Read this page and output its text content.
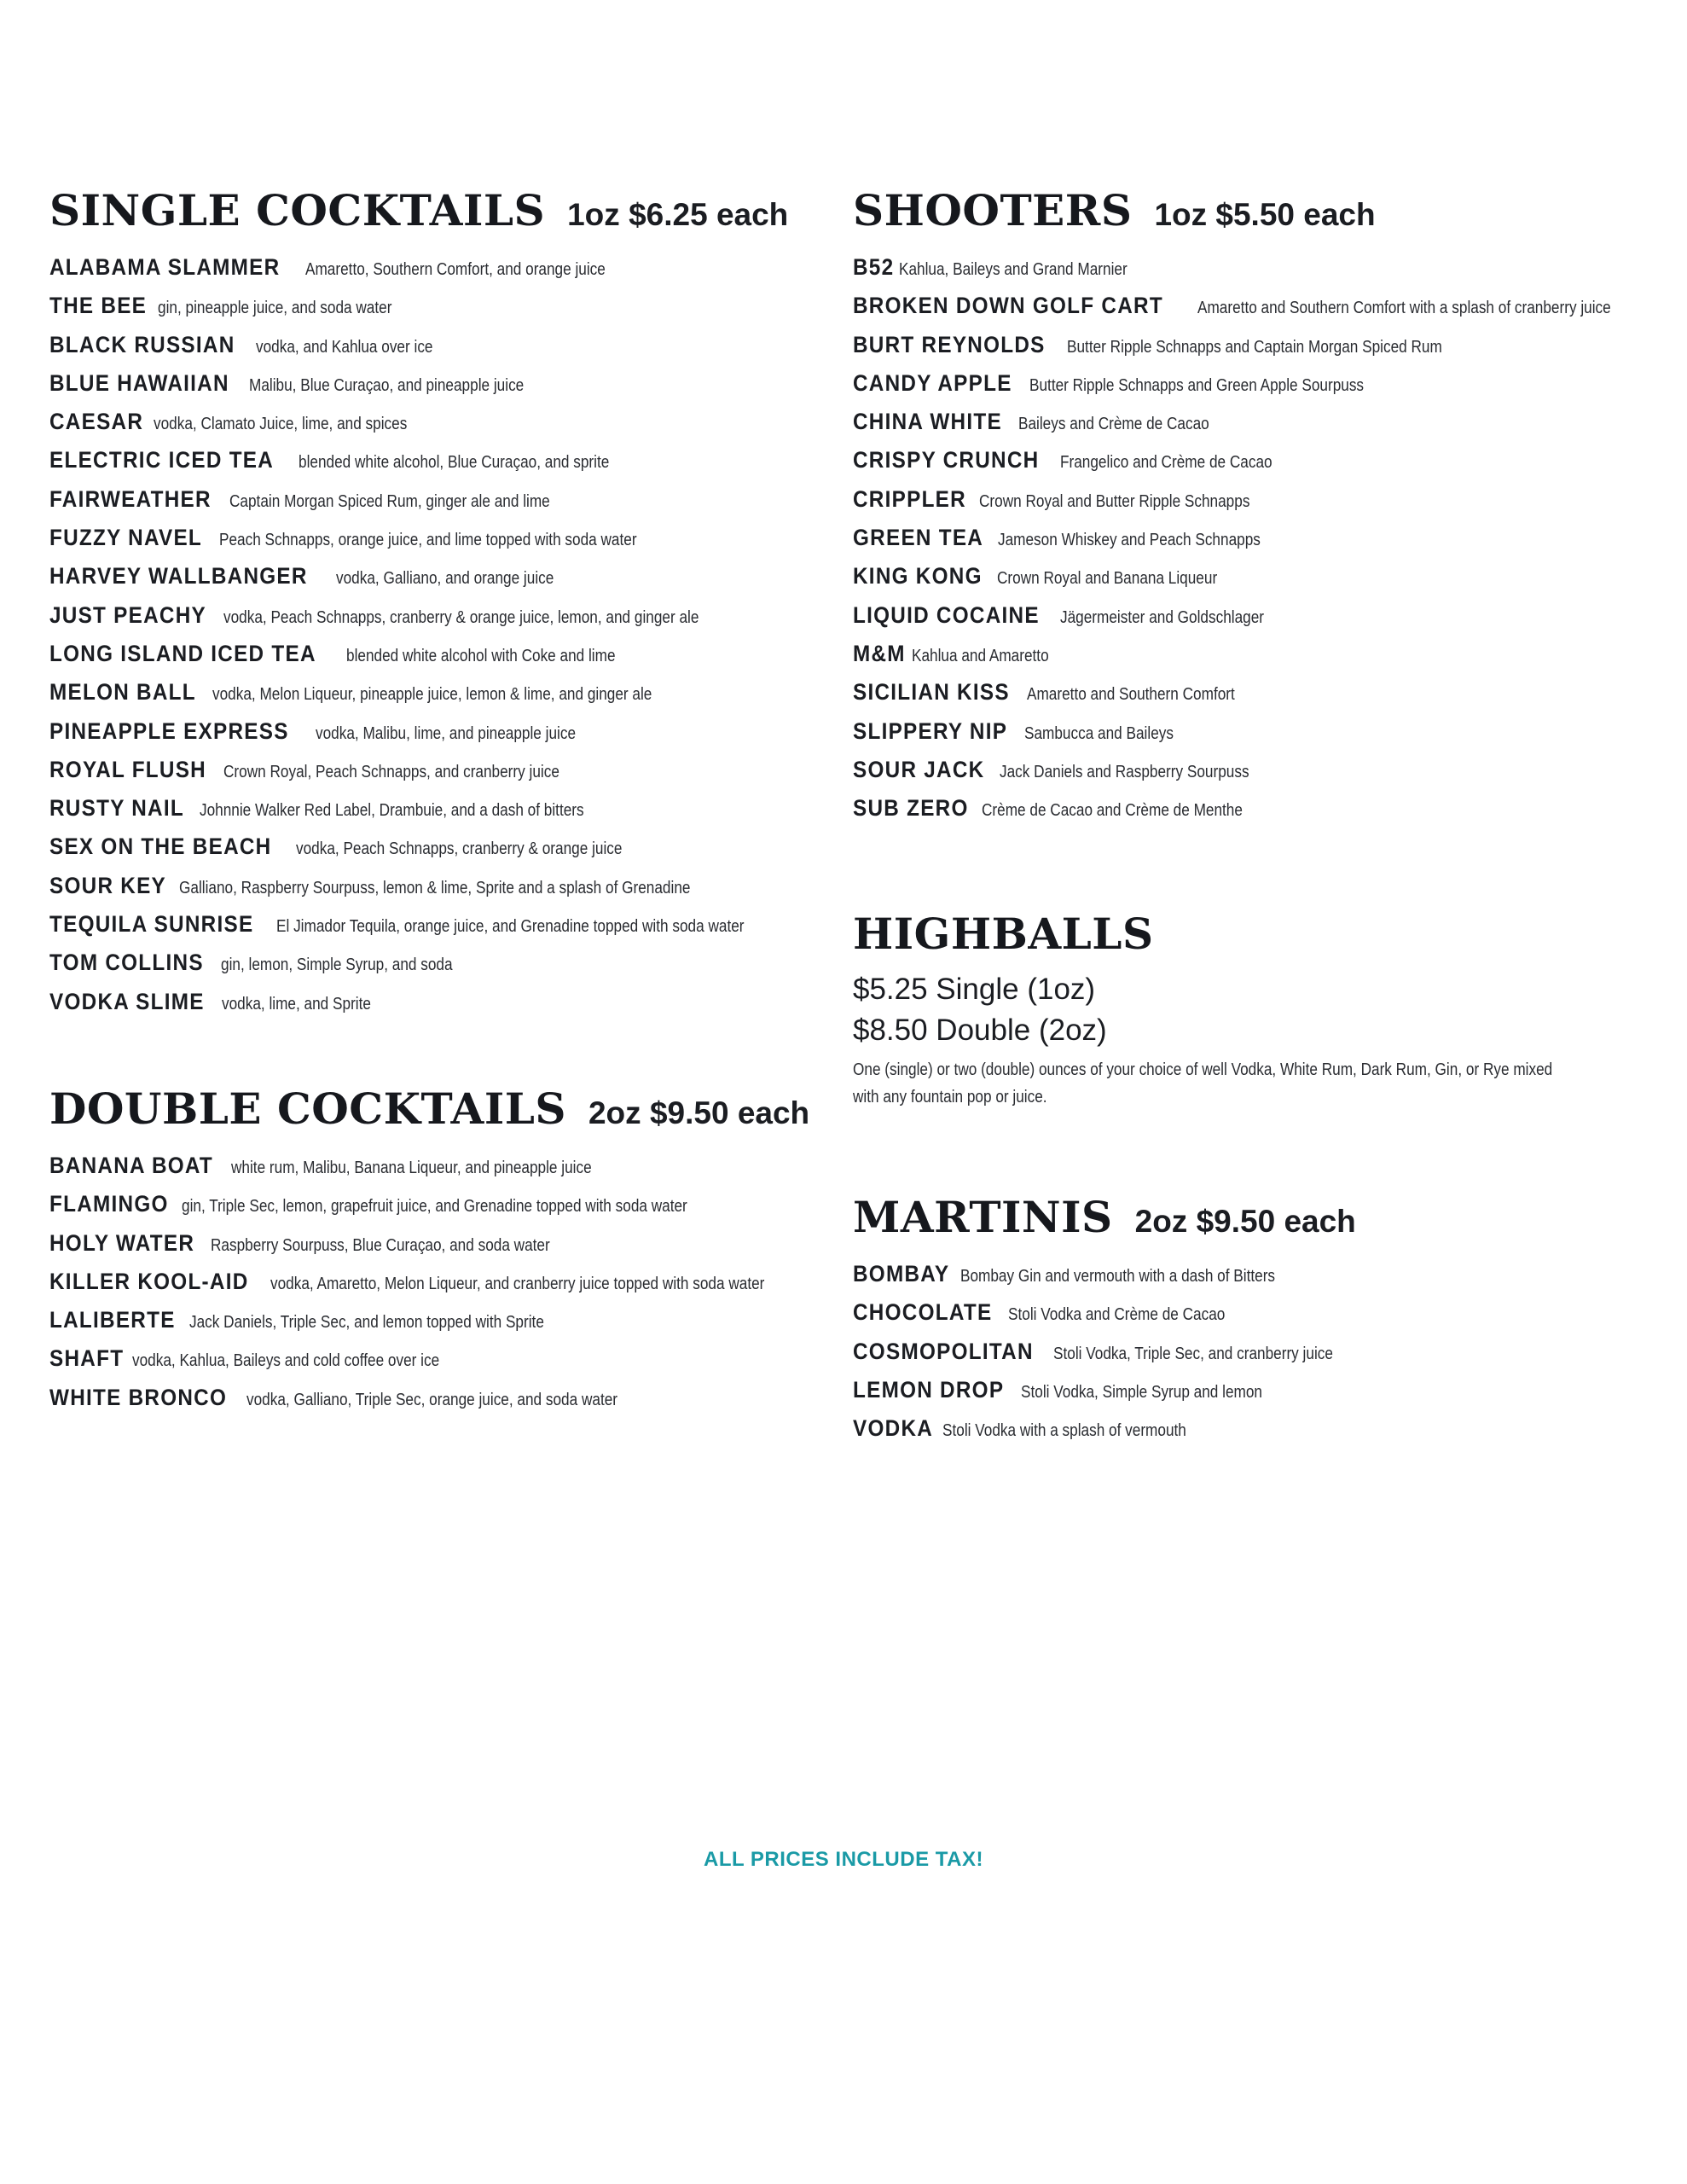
SINGLE COCKTAILS 1oz $6.25 each
ALABAMA SLAMMER Amaretto, Southern Comfort, and orange juice
THE BEE gin, pineapple juice, and soda water
BLACK RUSSIAN vodka, and Kahlua over ice
BLUE HAWAIIAN Malibu, Blue Curaçao, and pineapple juice
CAESAR vodka, Clamato Juice, lime, and spices
ELECTRIC ICED TEA blended white alcohol, Blue Curaçao, and sprite
FAIRWEATHER Captain Morgan Spiced Rum, ginger ale and lime
FUZZY NAVEL Peach Schnapps, orange juice, and lime topped with soda water
HARVEY WALLBANGER vodka, Galliano, and orange juice
JUST PEACHY vodka, Peach Schnapps, cranberry & orange juice, lemon, and ginger ale
LONG ISLAND ICED TEA blended white alcohol with Coke and lime
MELON BALL vodka, Melon Liqueur, pineapple juice, lemon & lime, and ginger ale
PINEAPPLE EXPRESS vodka, Malibu, lime, and pineapple juice
ROYAL FLUSH Crown Royal, Peach Schnapps, and cranberry juice
RUSTY NAIL Johnnie Walker Red Label, Drambuie, and a dash of bitters
SEX ON THE BEACH vodka, Peach Schnapps, cranberry & orange juice
SOUR KEY Galliano, Raspberry Sourpuss, lemon & lime, Sprite and a splash of Grenadine
TEQUILA SUNRISE El Jimador Tequila, orange juice, and Grenadine topped with soda water
TOM COLLINS gin, lemon, Simple Syrup, and soda
VODKA SLIME vodka, lime, and Sprite
DOUBLE COCKTAILS 2oz $9.50 each
BANANA BOAT white rum, Malibu, Banana Liqueur, and pineapple juice
FLAMINGO gin, Triple Sec, lemon, grapefruit juice, and Grenadine topped with soda water
HOLY WATER Raspberry Sourpuss, Blue Curaçao, and soda water
KILLER KOOL-AID vodka, Amaretto, Melon Liqueur, and cranberry juice topped with soda water
LALIBERTE Jack Daniels, Triple Sec, and lemon topped with Sprite
SHAFT vodka, Kahlua, Baileys and cold coffee over ice
WHITE BRONCO vodka, Galliano, Triple Sec, orange juice, and soda water
SHOOTERS 1oz $5.50 each
B52 Kahlua, Baileys and Grand Marnier
BROKEN DOWN GOLF CART Amaretto and Southern Comfort with a splash of cranberry juice
BURT REYNOLDS Butter Ripple Schnapps and Captain Morgan Spiced Rum
CANDY APPLE Butter Ripple Schnapps and Green Apple Sourpuss
CHINA WHITE Baileys and Crème de Cacao
CRISPY CRUNCH Frangelico and Crème de Cacao
CRIPPLER Crown Royal and Butter Ripple Schnapps
GREEN TEA Jameson Whiskey and Peach Schnapps
KING KONG Crown Royal and Banana Liqueur
LIQUID COCAINE Jägermeister and Goldschlager
M&M Kahlua and Amaretto
SICILIAN KISS Amaretto and Southern Comfort
SLIPPERY NIP Sambucca and Baileys
SOUR JACK Jack Daniels and Raspberry Sourpuss
SUB ZERO Crème de Cacao and Crème de Menthe
HIGHBALLS
$5.25 Single (1oz)
$8.50 Double (2oz)
One (single) or two (double) ounces of your choice of well Vodka, White Rum, Dark Rum, Gin, or Rye mixed with any fountain pop or juice.
MARTINIS 2oz $9.50 each
BOMBAY Bombay Gin and vermouth with a dash of Bitters
CHOCOLATE Stoli Vodka and Crème de Cacao
COSMOPOLITAN Stoli Vodka, Triple Sec, and cranberry juice
LEMON DROP Stoli Vodka, Simple Syrup and lemon
VODKA Stoli Vodka with a splash of vermouth
ALL PRICES INCLUDE TAX!
